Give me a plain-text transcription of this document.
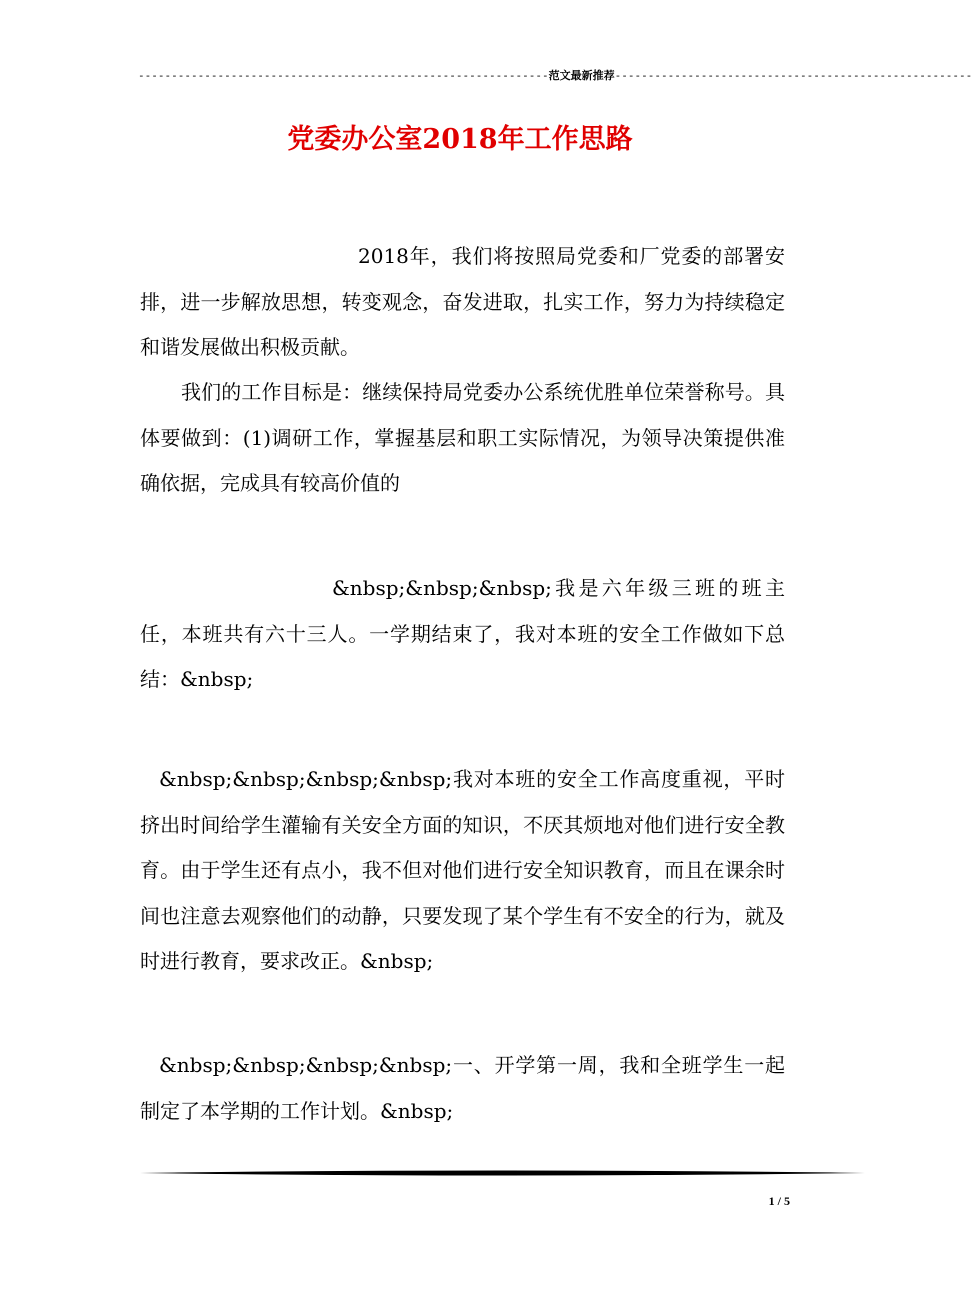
--------------------------------------------------------------范文最新推荐------------------------------------------------------
党委办公室2018年工作思路

2018年，我们将按照局党委和厂党委的部署安排，进一步解放思想，转变观念，奋发进取，扎实工作，努力为持续稳定和谐发展做出积极贡献。

我们的工作目标是：继续保持局党委办公系统优胜单位荣誉称号。具体要做到：(1)调研工作，掌握基层和职工实际情况，为领导决策提供准确依据，完成具有较高价值的

&nbsp;&nbsp;&nbsp;我是六年级三班的班主任，本班共有六十三人。一学期结束了，我对本班的安全工作做如下总结：&nbsp;

&nbsp;&nbsp;&nbsp;&nbsp;我对本班的安全工作高度重视，平时挤出时间给学生灌输有关安全方面的知识，不厌其烦地对他们进行安全教育。由于学生还有点小，我不但对他们进行安全知识教育，而且在课余时间也注意去观察他们的动静，只要发现了某个学生有不安全的行为，就及时进行教育，要求改正。&nbsp;

&nbsp;&nbsp;&nbsp;&nbsp;一、开学第一周，我和全班学生一起制定了本学期的工作计划。&nbsp;

1 / 5
